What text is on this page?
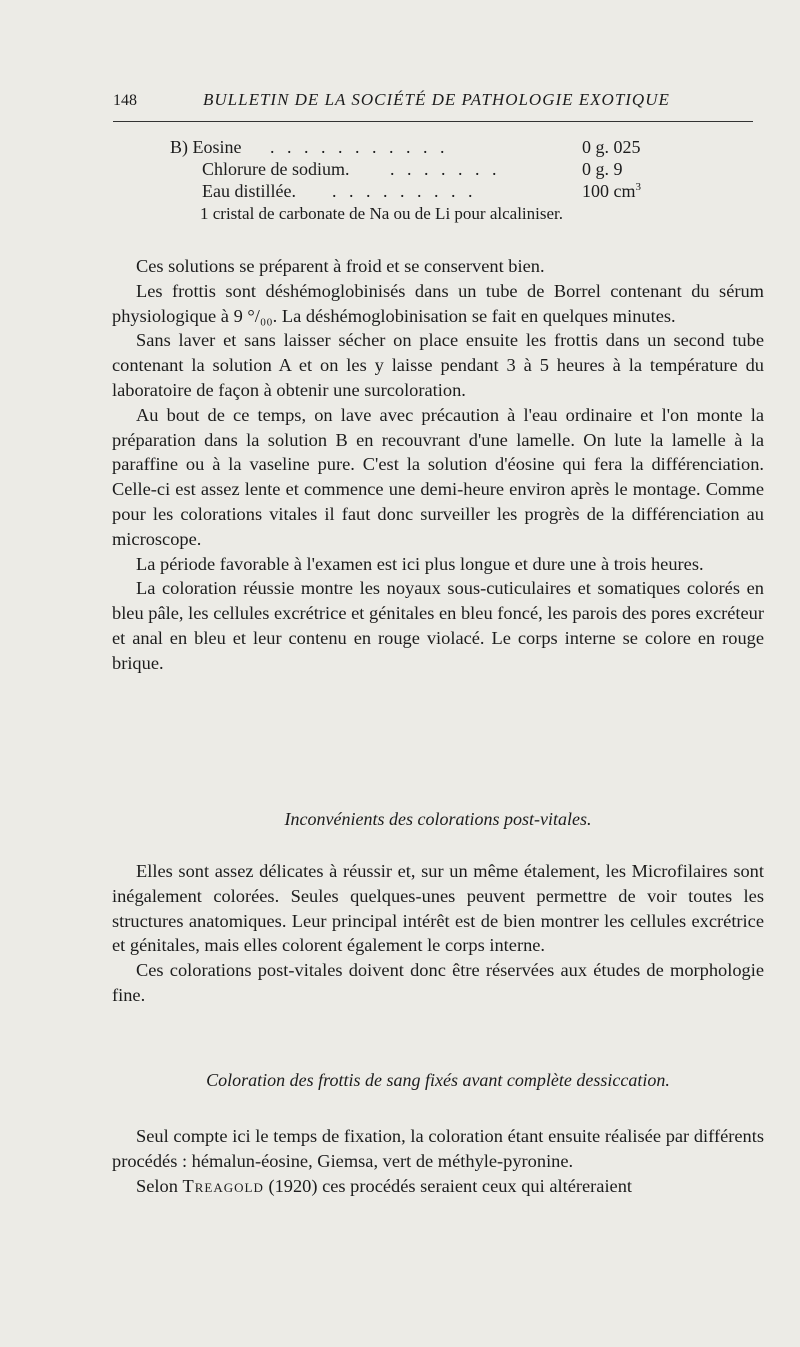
148	BULLETIN DE LA SOCIÉTÉ DE PATHOLOGIE EXOTIQUE
B) Eosine . . . . . . . . . . .	0 g. 025
Chlorure de sodium. . . . . . . .	0 g. 9
Eau distillée. . . . . . . . . .	100 $cm^3$
1 cristal de carbonate de Na ou de Li pour alcaliniser.

Ces solutions se préparent à froid et se conservent bien.

Les frottis sont déshémoglobinisés dans un tube de Borrel contenant du sérum physiologique à 9 °/₀₀. La déshémoglobinisation se fait en quelques minutes.

Sans laver et sans laisser sécher on place ensuite les frottis dans un second tube contenant la solution A et on les y laisse pendant 3 à 5 heures à la température du laboratoire de façon à obtenir une surcoloration.

Au bout de ce temps, on lave avec précaution à l'eau ordinaire et l'on monte la préparation dans la solution B en recouvrant d'une lamelle. On lute la lamelle à la paraffine ou à la vaseline pure. C'est la solution d'éosine qui fera la différenciation. Celle-ci est assez lente et commence une demi-heure environ après le montage. Comme pour les colorations vitales il faut donc surveiller les progrès de la différenciation au microscope.

La période favorable à l'examen est ici plus longue et dure une à trois heures.

La coloration réussie montre les noyaux sous-cuticulaires et somatiques colorés en bleu pâle, les cellules excrétrice et génitales en bleu foncé, les parois des pores excréteur et anal en bleu et leur contenu en rouge violacé. Le corps interne se colore en rouge brique.

Inconvénients des colorations post-vitales.

Elles sont assez délicates à réussir et, sur un même étalement, les Microfilaires sont inégalement colorées. Seules quelques-unes peuvent permettre de voir toutes les structures anatomiques. Leur principal intérêt est de bien montrer les cellules excrétrice et génitales, mais elles colorent également le corps interne.

Ces colorations post-vitales doivent donc être réservées aux études de morphologie fine.

Coloration des frottis de sang fixés avant complète dessiccation.

Seul compte ici le temps de fixation, la coloration étant ensuite réalisée par différents procédés : hémalun-éosine, Giemsa, vert de méthyle-pyronine.

Selon Treagold (1920) ces procédés seraient ceux qui altéreraient
